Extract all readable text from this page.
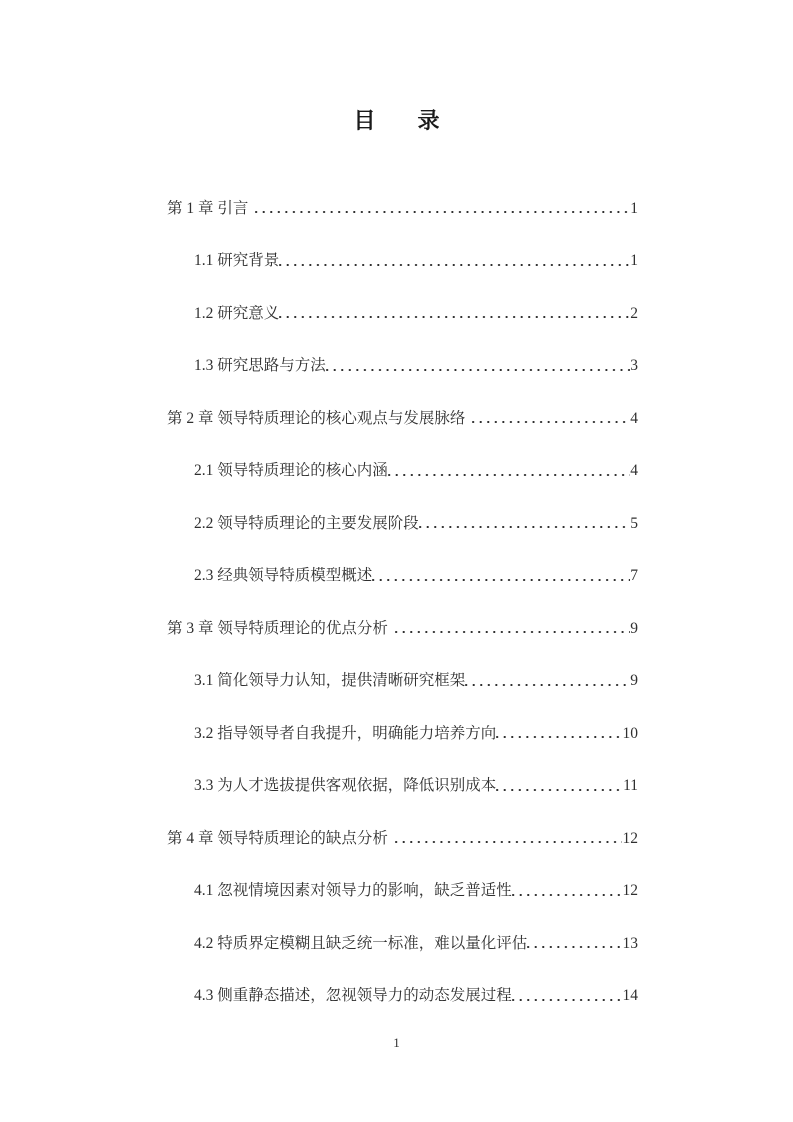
目　录
第 1 章 引言	1
1.1 研究背景	1
1.2 研究意义	2
1.3 研究思路与方法	3
第 2 章 领导特质理论的核心观点与发展脉络	4
2.1 领导特质理论的核心内涵	4
2.2 领导特质理论的主要发展阶段	5
2.3 经典领导特质模型概述	7
第 3 章 领导特质理论的优点分析	9
3.1 简化领导力认知，提供清晰研究框架	9
3.2 指导领导者自我提升，明确能力培养方向	10
3.3 为人才选拔提供客观依据，降低识别成本	11
第 4 章 领导特质理论的缺点分析	12
4.1 忽视情境因素对领导力的影响，缺乏普适性	12
4.2 特质界定模糊且缺乏统一标准，难以量化评估	13
4.3 侧重静态描述，忽视领导力的动态发展过程	14
1
